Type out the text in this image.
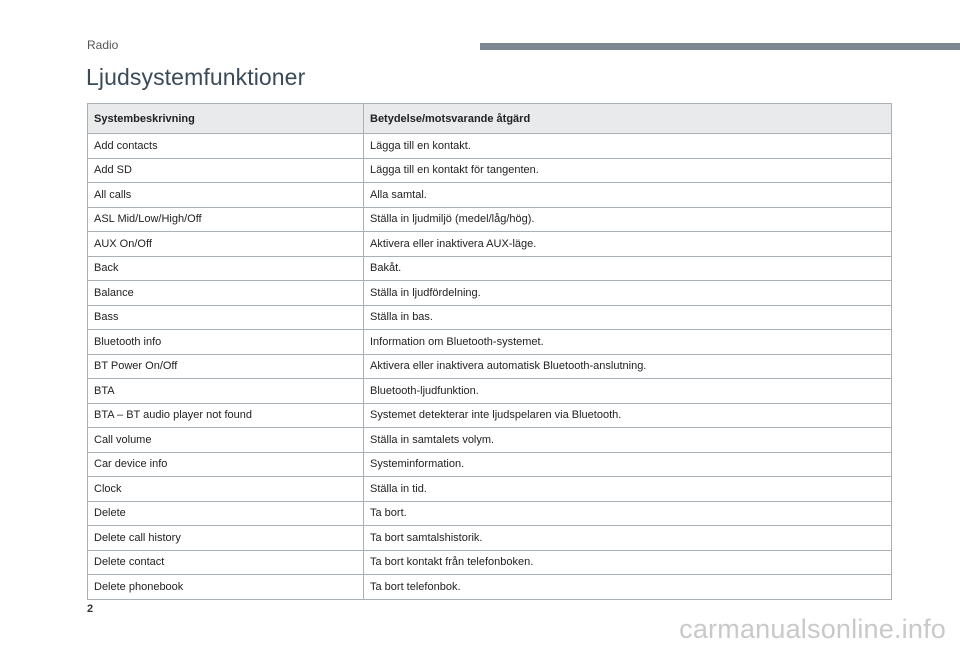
Radio
Ljudsystemfunktioner
Systembeskrivning	Betydelse/motsvarande åtgärd
Add contacts	Lägga till en kontakt.
Add SD	Lägga till en kontakt för tangenten.
All calls	Alla samtal.
ASL Mid/Low/High/Off	Ställa in ljudmiljö (medel/låg/hög).
AUX On/Off	Aktivera eller inaktivera AUX-läge.
Back	Bakåt.
Balance	Ställa in ljudfördelning.
Bass	Ställa in bas.
Bluetooth info	Information om Bluetooth-systemet.
BT Power On/Off	Aktivera eller inaktivera automatisk Bluetooth-anslutning.
BTA	Bluetooth-ljudfunktion.
BTA – BT audio player not found	Systemet detekterar inte ljudspelaren via Bluetooth.
Call volume	Ställa in samtalets volym.
Car device info	Systeminformation.
Clock	Ställa in tid.
Delete	Ta bort.
Delete call history	Ta bort samtalshistorik.
Delete contact	Ta bort kontakt från telefonboken.
Delete phonebook	Ta bort telefonbok.
2
carmanualsonline.info
